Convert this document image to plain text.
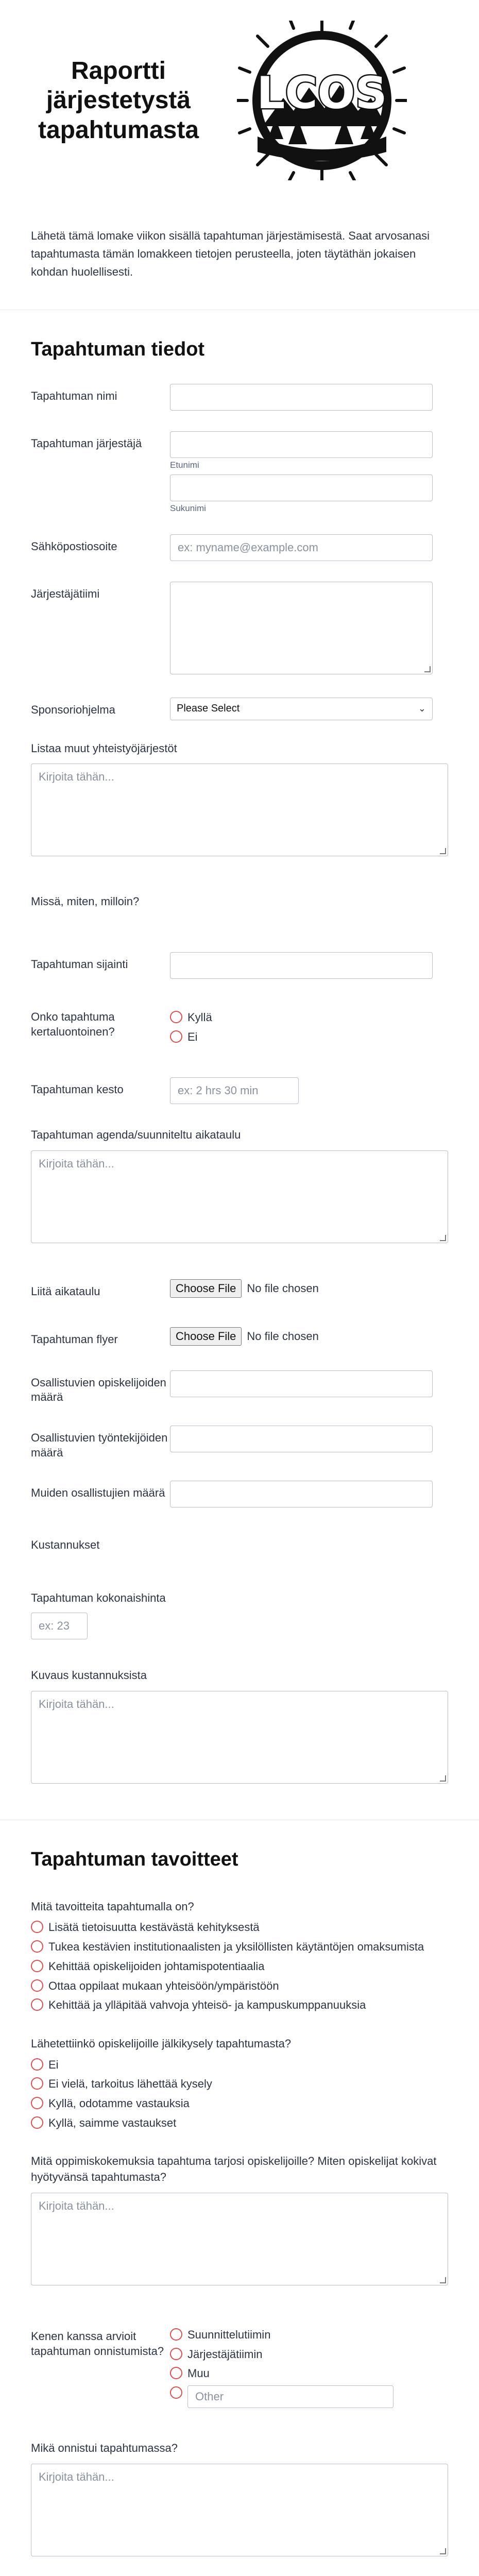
Raportti järjestetystä tapahtumasta
LCOS
Lähetä tämä lomake viikon sisällä tapahtuman järjestämisestä. Saat arvosanasi tapahtumasta tämän lomakkeen tietojen perusteella, joten täytäthän jokaisen kohdan huolellisesti.
Tapahtuman tiedot
Tapahtuman nimi
Tapahtuman järjestäjä
Etunimi
Sukunimi
Sähköpostiosoite	ex: myname@example.com
Järjestäjätiimi
Sponsoriohjelma	Please Select	⌄
Listaa muut yhteistyöjärjestöt
Kirjoita tähän...
Missä, miten, milloin?
Tapahtuman sijainti
Onko tapahtuma kertaluontoinen?
Kyllä
Ei
Tapahtuman kesto	ex: 2 hrs 30 min
Tapahtuman agenda/suunniteltu aikataulu
Kirjoita tähän...
Liitä aikataulu	Choose File No file chosen
Tapahtuman flyer	Choose File No file chosen
Osallistuvien opiskelijoiden määrä
Osallistuvien työntekijöiden määrä
Muiden osallistujien määrä
Kustannukset
Tapahtuman kokonaishinta
ex: 23
Kuvaus kustannuksista
Kirjoita tähän...
Tapahtuman tavoitteet
Mitä tavoitteita tapahtumalla on?
Lisätä tietoisuutta kestävästä kehityksestä
Tukea kestävien institutionaalisten ja yksilöllisten käytäntöjen omaksumista
Kehittää opiskelijoiden johtamispotentiaalia
Ottaa oppilaat mukaan yhteisöön/ympäristöön
Kehittää ja ylläpitää vahvoja yhteisö- ja kampuskumppanuuksia
Lähetettiinkö opiskelijoille jälkikysely tapahtumasta?
Ei
Ei vielä, tarkoitus lähettää kysely
Kyllä, odotamme vastauksia
Kyllä, saimme vastaukset
Mitä oppimiskokemuksia tapahtuma tarjosi opiskelijoille? Miten opiskelijat kokivat hyötyvänsä tapahtumasta?
Kirjoita tähän...
Kenen kanssa arvioit tapahtuman onnistumista?
Suunnittelutiimin
Järjestäjätiimin
Muu
Other
Mikä onnistui tapahtumassa?
Kirjoita tähän...
